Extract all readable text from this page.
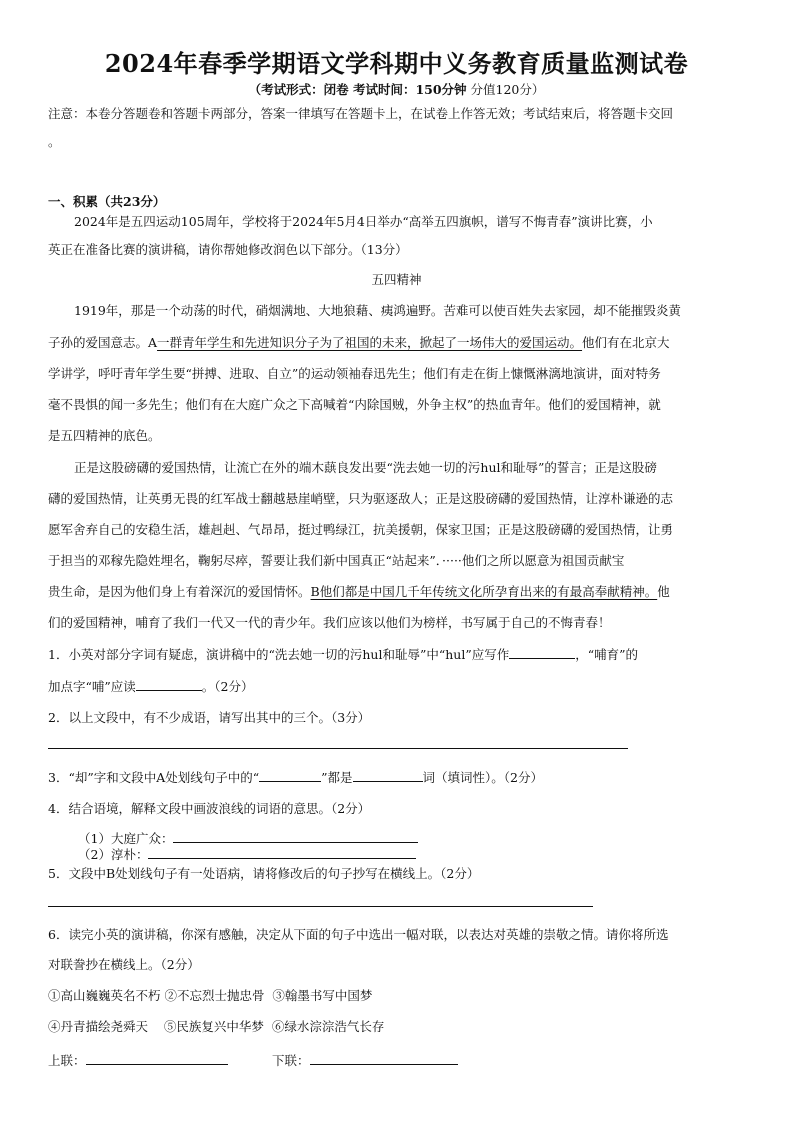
2024年春季学期语文学科期中义务教育质量监测试卷
（考试形式：闭卷 考试时间：150分钟 分值120分）
注意：本卷分答题卷和答题卡两部分，答案一律填写在答题卡上，在试卷上作答无效；考试结束后，将答题卡交回
。
一、积累（共23分）
2024年是五四运动105周年，学校将于2024年5月4日举办“高举五四旗帜，谱写不悔青春”演讲比赛，小
英正在准备比赛的演讲稿，请你帮她修改润色以下部分。（13分）
五四精神
1919年，那是一个动荡的时代，硝烟满地、大地狼藉、痍鸿遍野。苦难可以使百姓失去家园，却不能摧毁炎黄
子孙的爱国意志。A一群青年学生和先进知识分子为了祖国的未来，掀起了一场伟大的爱国运动。他们有在北京大
学讲学，呼吁青年学生要“拼搏、进取、自立”的运动领袖春迅先生；他们有走在街上慷慨淋漓地演讲，面对特务
毫不畏惧的闻一多先生；他们有在大庭广众之下高喊着“内除国贼，外争主权”的热血青年。他们的爱国精神，就
是五四精神的底色。
正是这股磅礴的爱国热情，让流亡在外的端木蕻良发出要“洗去她一切的污hul和耻辱”的誓言；正是这股磅
礴的爱国热情，让英勇无畏的红军战士翻越悬崖峭壁，只为驱逐敌人；正是这股磅礴的爱国热情，让淳朴谦逊的志
愿军舍弃自己的安稳生活，雄赳赳、气昂昂，挺过鸭绿江，抗美援朝，保家卫国；正是这股磅礴的爱国热情，让勇
于担当的邓稼先隐姓埋名，鞠躬尽瘁，誓要让我们新中国真正“站起来”．·····他们之所以愿意为祖国贡献宝
贵生命，是因为他们身上有着深沉的爱国情怀。B他们都是中国几千年传统文化所孕育出来的有最高奉献精神。他
们的爱国精神，哺育了我们一代又一代的青少年。我们应该以他们为榜样，书写属于自己的不悔青春！
1．小英对部分字词有疑虑，演讲稿中的“洗去她一切的污hul和耻辱”中“hul”应写作	，“哺育”的
加点字“哺”应读	。（2分）
2．以上文段中，有不少成语，请写出其中的三个。（3分）
3．“却”字和文段中A处划线句子中的“	”都是	词（填词性）。（2分）
4．结合语境，解释文段中画波浪线的词语的意思。（2分）
（1）大庭广众：
（2）淳朴：
5．文段中B处划线句子有一处语病，请将修改后的句子抄写在横线上。（2分）
6．读完小英的演讲稿，你深有感触，决定从下面的句子中选出一幅对联，以表达对英雄的崇敬之情。请你将所选
对联誊抄在横线上。（2分）
①高山巍巍英名不朽 ②不忘烈士抛忠骨  ③翰墨书写中国梦
④丹青描绘尧舜天    ⑤民族复兴中华梦  ⑥绿水淙淙浩气长存
上联：	下联：
